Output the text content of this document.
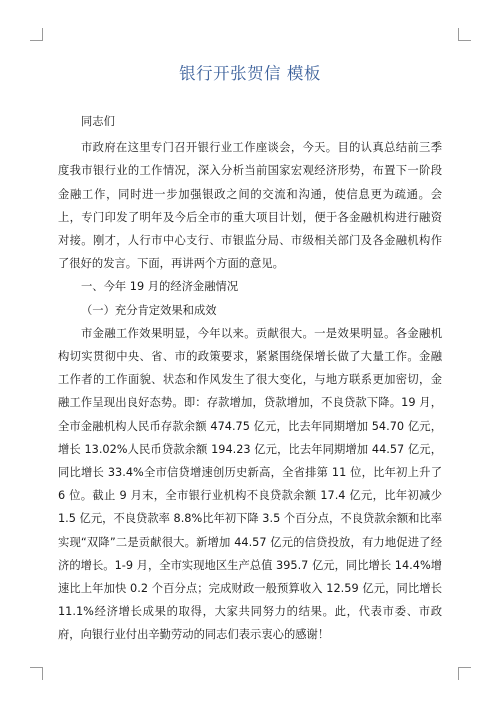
银行开张贺信 模板

同志们

市政府在这里专门召开银行业工作座谈会，今天。目的认真总结前三季度我市银行业的工作情况，深入分析当前国家宏观经济形势，布置下一阶段金融工作，同时进一步加强银政之间的交流和沟通，使信息更为疏通。会上，专门印发了明年及今后全市的重大项目计划，便于各金融机构进行融资对接。刚才，人行市中心支行、市银监分局、市级相关部门及各金融机构作了很好的发言。下面，再讲两个方面的意见。

一、今年 19 月的经济金融情况

（一）充分肯定效果和成效

市金融工作效果明显，今年以来。贡献很大。一是效果明显。各金融机构切实贯彻中央、省、市的政策要求，紧紧围绕保增长做了大量工作。金融工作者的工作面貌、状态和作风发生了很大变化，与地方联系更加密切，金融工作呈现出良好态势。即：存款增加，贷款增加，不良贷款下降。19 月，全市金融机构人民币存款余额 474.75 亿元，比去年同期增加 54.70 亿元，增长 13.02%人民币贷款余额 194.23 亿元，比去年同期增加 44.57 亿元，同比增长 33.4%全市信贷增速创历史新高，全省排第 11 位，比年初上升了 6 位。截止 9 月末，全市银行业机构不良贷款余额 17.4 亿元，比年初减少 1.5 亿元，不良贷款率 8.8%比年初下降 3.5 个百分点，不良贷款余额和比率实现“双降”二是贡献很大。新增加 44.57 亿元的信贷投放，有力地促进了经济的增长。1-9 月，全市实现地区生产总值 395.7 亿元，同比增长 14.4%增速比上年加快 0.2 个百分点；完成财政一般预算收入 12.59 亿元，同比增长 11.1%经济增长成果的取得，大家共同努力的结果。此，代表市委、市政府，向银行业付出辛勤劳动的同志们表示衷心的感谢！
